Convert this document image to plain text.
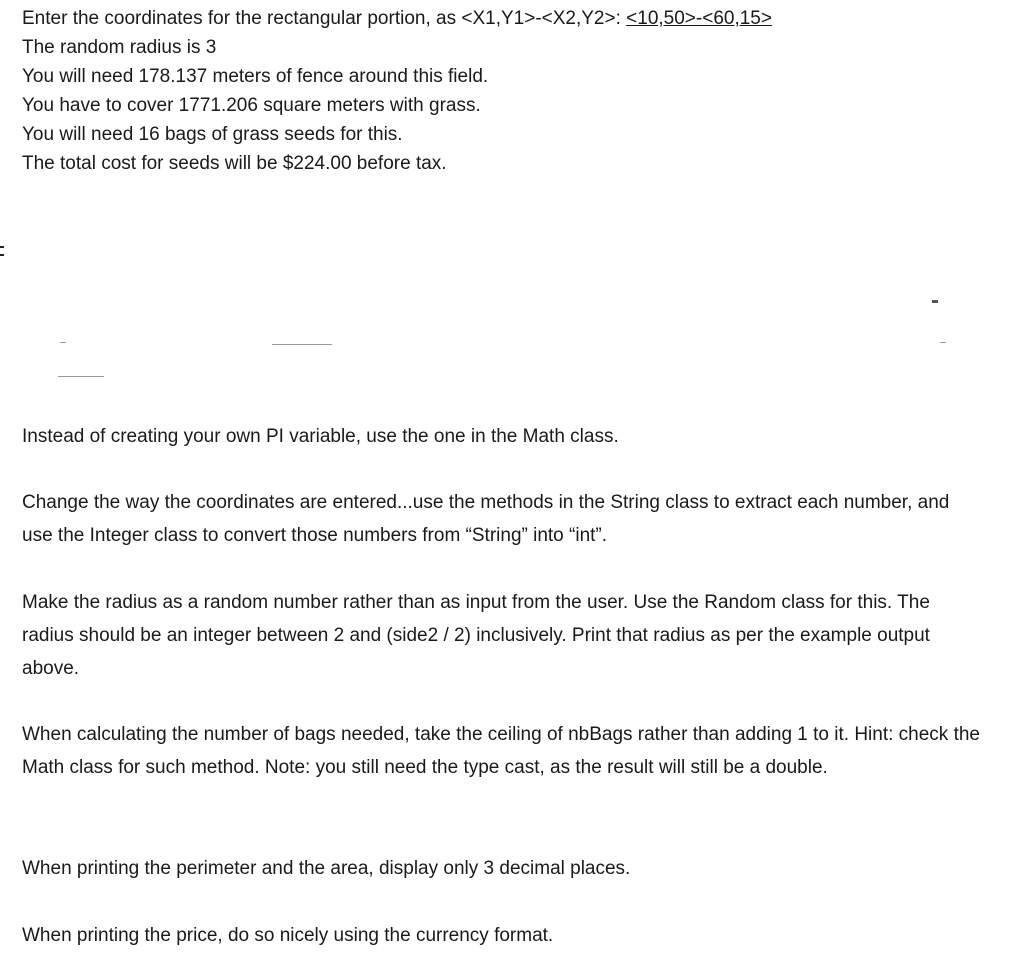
Enter the coordinates for the rectangular portion, as <X1,Y1>-<X2,Y2>: <10,50>-<60,15>
The random radius is 3
You will need 178.137 meters of fence around this field.
You have to cover 1771.206 square meters with grass.
You will need 16 bags of grass seeds for this.
The total cost for seeds will be $224.00 before tax.

Instead of creating your own PI variable, use the one in the Math class.

Change the way the coordinates are entered...use the methods in the String class to extract each number, and use the Integer class to convert those numbers from “String” into “int”.

Make the radius as a random number rather than as input from the user. Use the Random class for this. The radius should be an integer between 2 and (side2 / 2) inclusively. Print that radius as per the example output above.

When calculating the number of bags needed, take the ceiling of nbBags rather than adding 1 to it. Hint: check the Math class for such method. Note: you still need the type cast, as the result will still be a double.

When printing the perimeter and the area, display only 3 decimal places.

When printing the price, do so nicely using the currency format.
